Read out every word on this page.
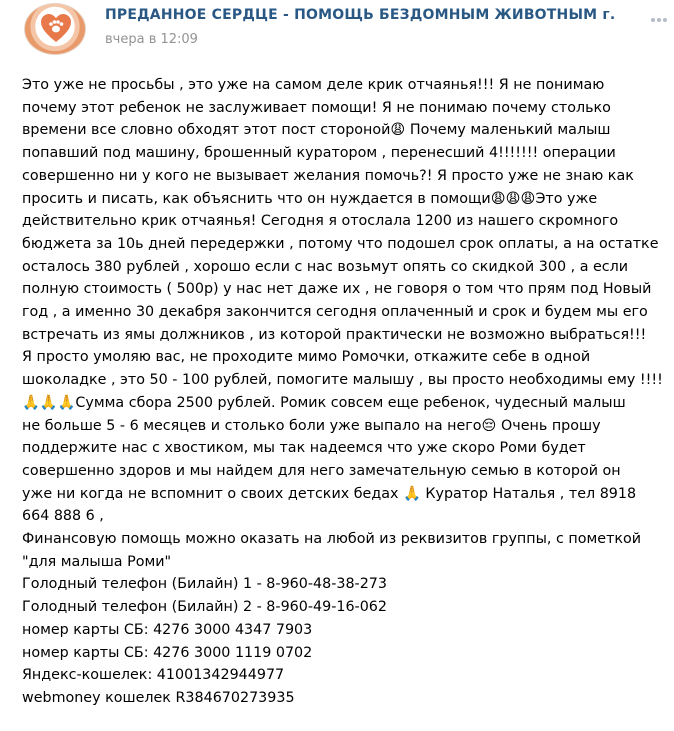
ПРЕДАННОЕ СЕРДЦЕ - ПОМОЩЬ БЕЗДОМНЫМ ЖИВОТНЫМ г.
вчера в 12:09

Это уже не просьбы , это уже на самом деле крик отчаянья!!! Я не понимаю

почему этот ребенок не заслуживает помощи! Я не понимаю почему столько

времени все словно обходят этот пост стороной😩 Почему маленький малыш

попавший под машину, брошенный куратором , перенесший 4!!!!!!! операции

совершенно ни у кого не вызывает желания помочь?! Я просто уже не знаю как

просить и писать, как объяснить что он нуждается в помощи😩😩😩Это уже

действительно крик отчаянья! Сегодня я отослала 1200 из нашего скромного

бюджета за 10ь дней передержки , потому что подошел срок оплаты, а на остатке

осталось 380 рублей , хорошо если с нас возьмут опять со скидкой 300 , а если

полную стоимость ( 500р) у нас нет даже их , не говоря о том что прям под Новый

год , а именно 30 декабря закончится сегодня оплаченный и срок и будем мы его

встречать из ямы должников , из которой практически не возможно выбраться!!!

Я просто умоляю вас, не проходите мимо Ромочки, откажите себе в одной

шоколадке , это 50 - 100 рублей, помогите малышу , вы просто необходимы ему !!!!

🙏🙏🙏Сумма сбора 2500 рублей. Ромик совсем еще ребенок, чудесный малыш

не больше 5 - 6 месяцев и столько боли уже выпало на него😔 Очень прошу

поддержите нас с хвостиком, мы так надеемся что уже скоро Роми будет

совершенно здоров и мы найдем для него замечательную семью в которой он

уже ни когда не вспомнит о своих детских бедах 🙏 Куратор Наталья , тел 8918

664 888 6 ,

Финансовую помощь можно оказать на любой из реквизитов группы, с пометкой

"для малыша Роми"

Голодный телефон (Билайн) 1 - 8-960-48-38-273

Голодный телефон (Билайн) 2 - 8-960-49-16-062

номер карты СБ: 4276 3000 4347 7903

номер карты СБ: 4276 3000 1119 0702

Яндекс-кошелек: 41001342944977

webmoney кошелек R384670273935
